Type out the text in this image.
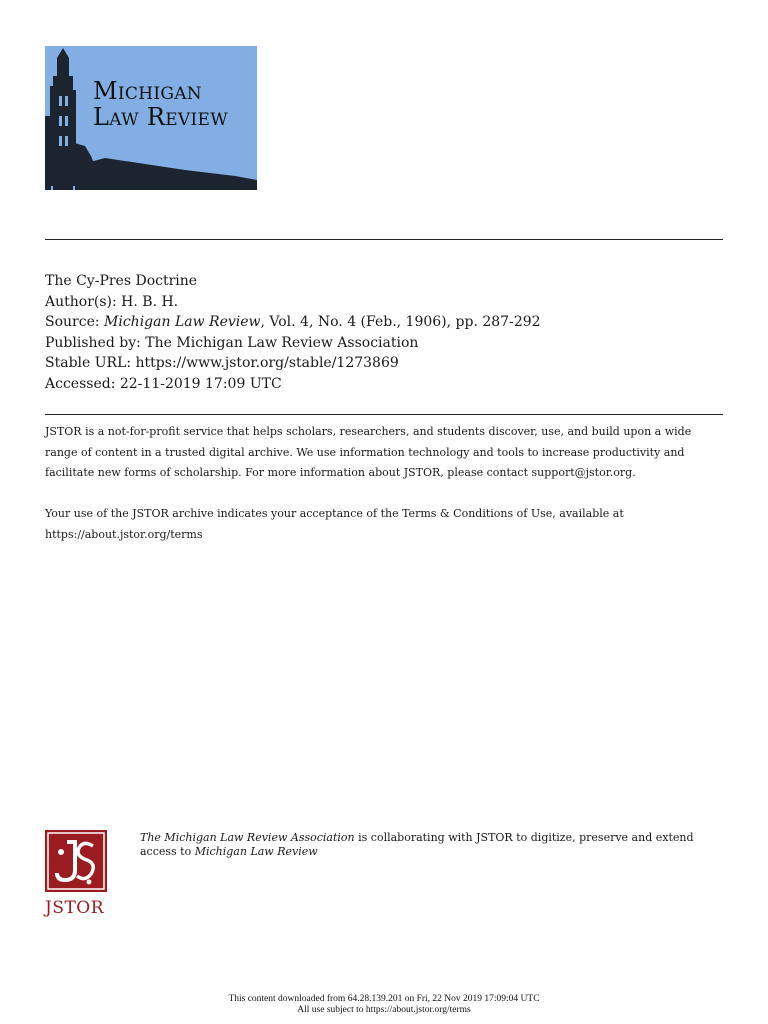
Michigan
Law Review
The Cy-Pres Doctrine
Author(s): H. B. H.
Source: Michigan Law Review, Vol. 4, No. 4 (Feb., 1906), pp. 287-292
Published by: The Michigan Law Review Association
Stable URL: https://www.jstor.org/stable/1273869
Accessed: 22-11-2019 17:09 UTC

JSTOR is a not-for-profit service that helps scholars, researchers, and students discover, use, and build upon a wide range of content in a trusted digital archive. We use information technology and tools to increase productivity and facilitate new forms of scholarship. For more information about JSTOR, please contact support@jstor.org.

Your use of the JSTOR archive indicates your acceptance of the Terms & Conditions of Use, available at https://about.jstor.org/terms

JSTOR
The Michigan Law Review Association is collaborating with JSTOR to digitize, preserve and extend access to Michigan Law Review
This content downloaded from 64.28.139.201 on Fri, 22 Nov 2019 17:09:04 UTC
All use subject to https://about.jstor.org/terms
